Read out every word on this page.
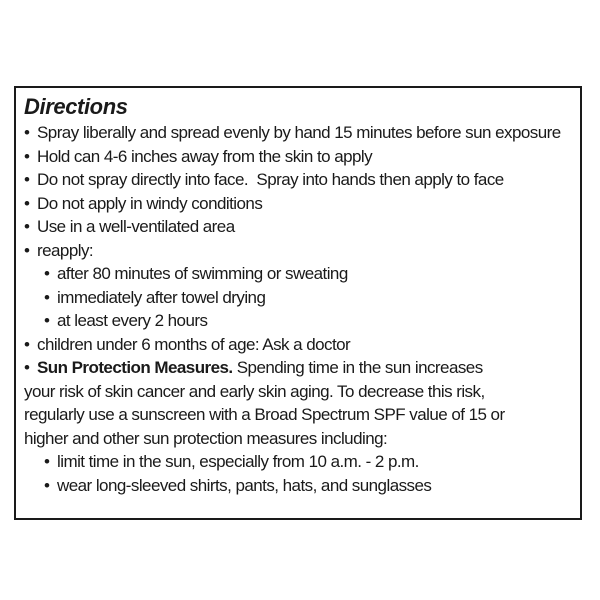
Directions
• Spray liberally and spread evenly by hand 15 minutes before sun exposure
• Hold can 4-6 inches away from the skin to apply
• Do not spray directly into face.  Spray into hands then apply to face
• Do not apply in windy conditions
• Use in a well-ventilated area
• reapply:
• after 80 minutes of swimming or sweating
• immediately after towel drying
• at least every 2 hours
• children under 6 months of age: Ask a doctor
• Sun Protection Measures. Spending time in the sun increases
your risk of skin cancer and early skin aging. To decrease this risk,
regularly use a sunscreen with a Broad Spectrum SPF value of 15 or
higher and other sun protection measures including:
• limit time in the sun, especially from 10 a.m. - 2 p.m.
• wear long-sleeved shirts, pants, hats, and sunglasses
